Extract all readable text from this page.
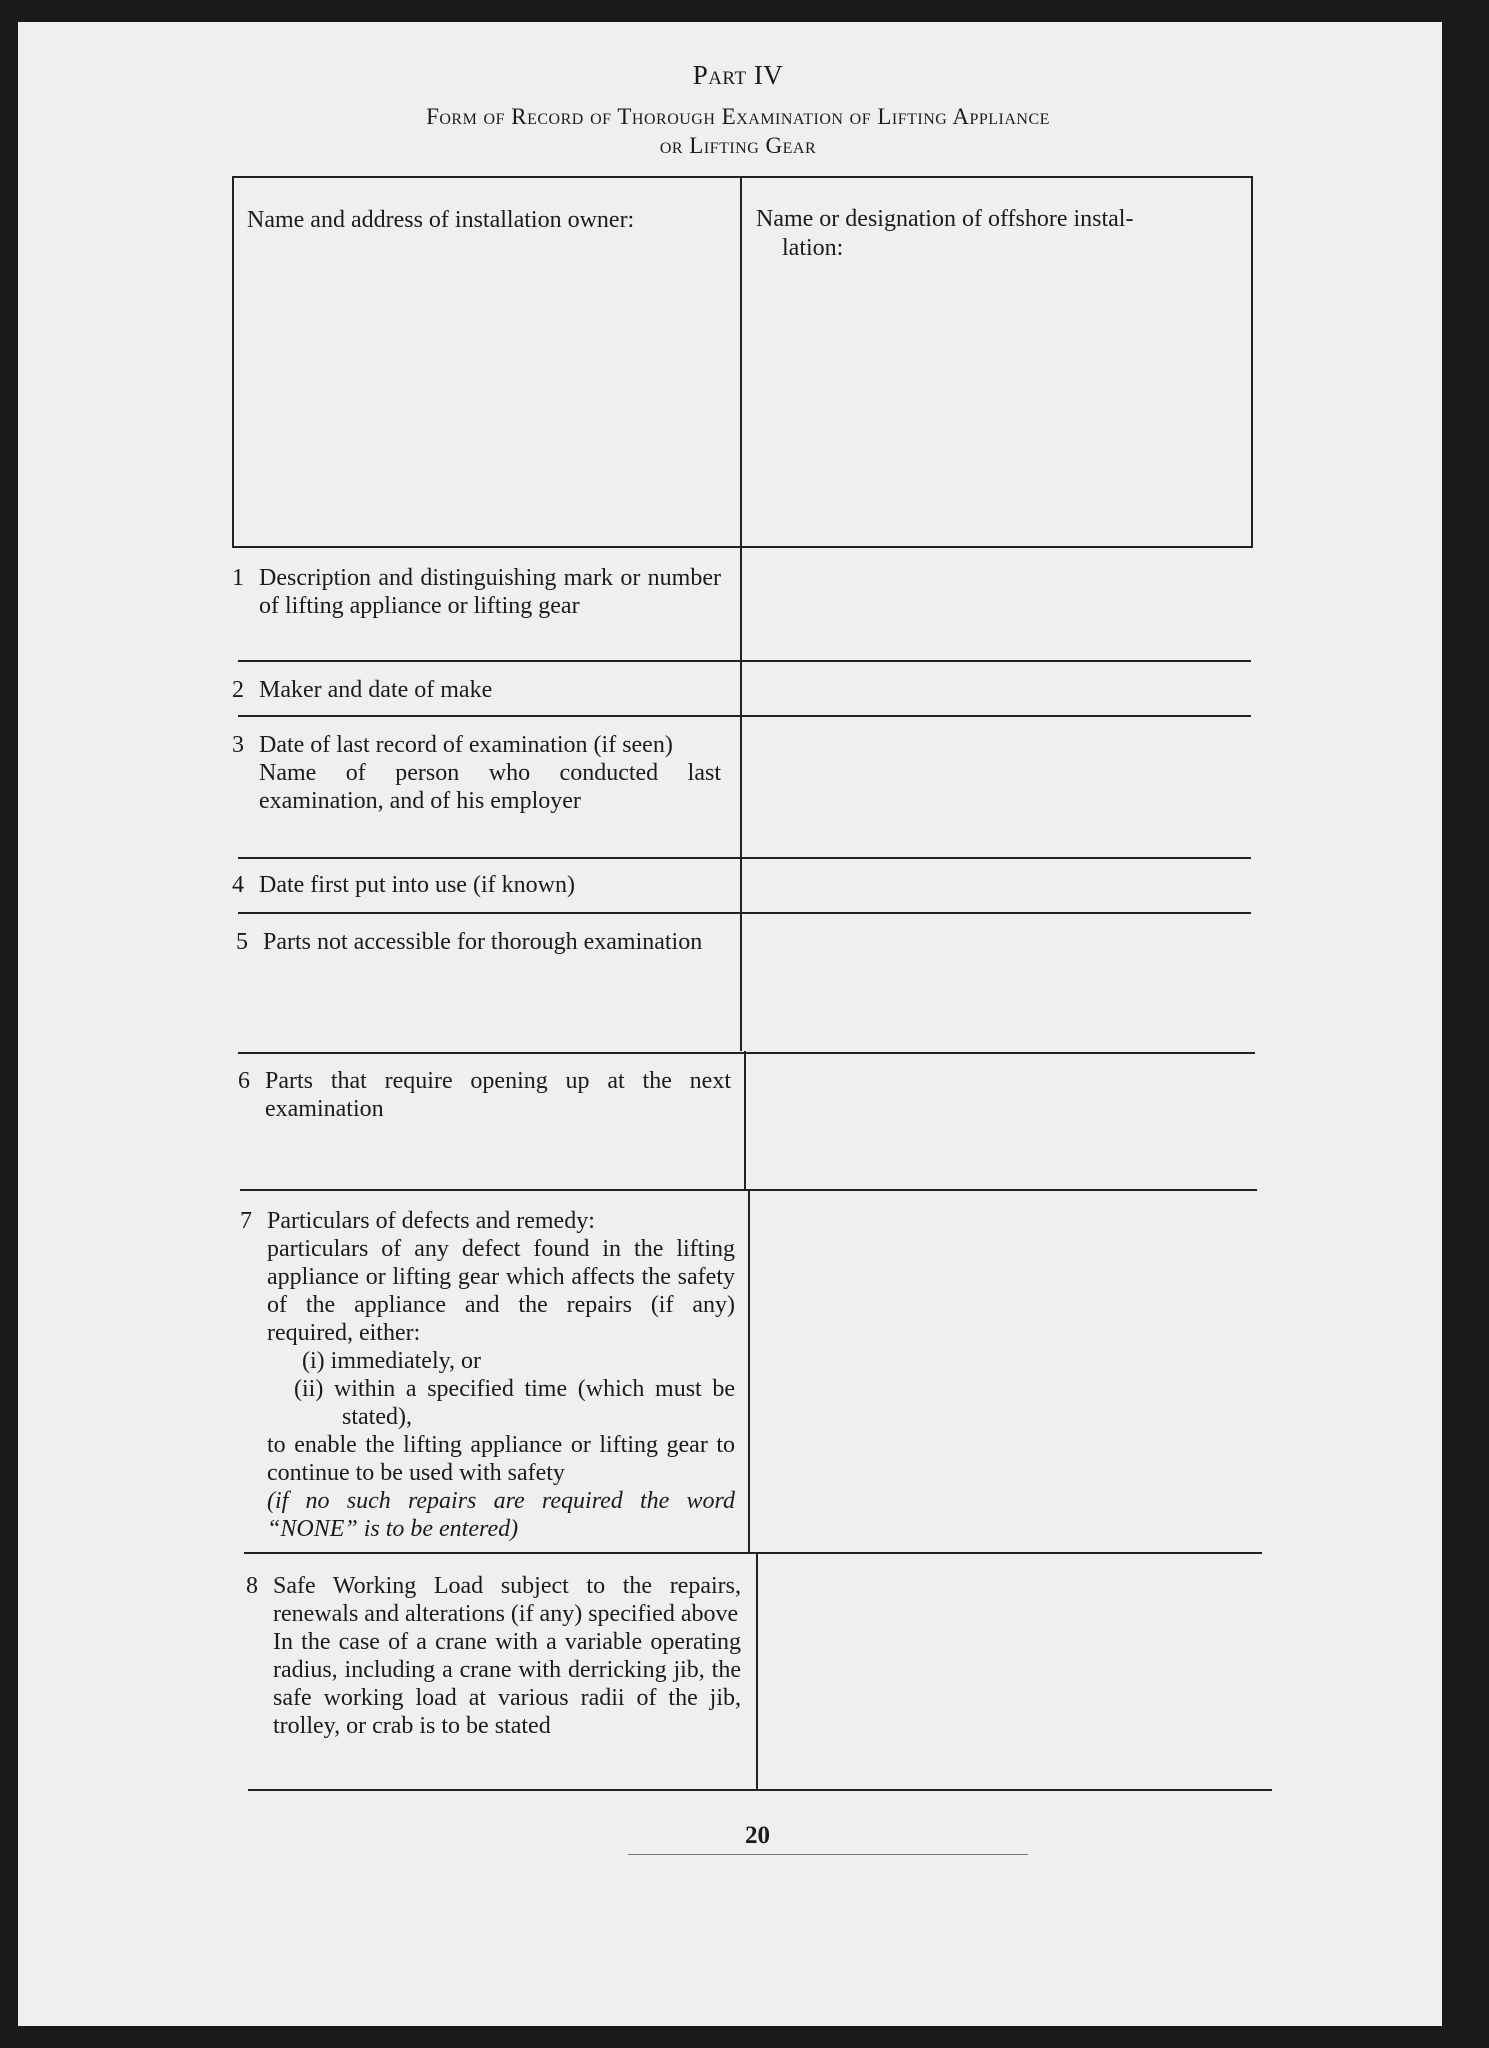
Part IV
Form of Record of Thorough Examination of Lifting Appliance
or Lifting Gear
Name and address of installation owner:	Name or designation of offshore instal-
lation:
1 Description and distinguishing mark or number of lifting appliance or lifting gear
2 Maker and date of make
3 Date of last record of examination (if seen)

Name of person who conducted last examination, and of his employer

4 Date first put into use (if known)
5 Parts not accessible for thorough examination
6 Parts that require opening up at the next examination
7 Particulars of defects and remedy:

particulars of any defect found in the lifting appliance or lifting gear which affects the safety of the appliance and the repairs (if any) required, either:

(i) immediately, or

(ii) within a specified time (which must be stated),

to enable the lifting appliance or lifting gear to continue to be used with safety

(if no such repairs are required the word “NONE” is to be entered)

8 Safe Working Load subject to the repairs, renewals and alterations (if any) specified above

In the case of a crane with a variable operating radius, including a crane with derricking jib, the safe working load at various radii of the jib, trolley, or crab is to be stated

20
